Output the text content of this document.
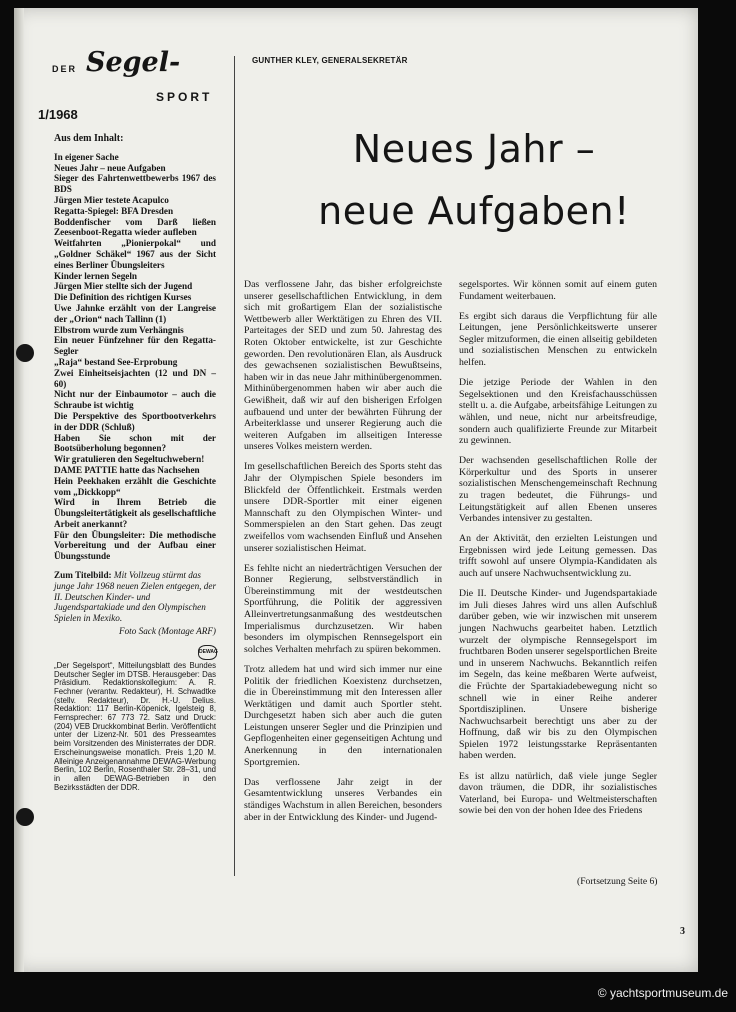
DER Segel-
SPORT
1/1968
Aus dem Inhalt:
In eigener Sache
Neues Jahr – neue Aufgaben
Sieger des Fahrtenwettbewerbs 1967 des BDS
Jürgen Mier testete Acapulco
Regatta-Spiegel: BFA Dresden
Boddenfischer vom Darß ließen Zeesenboot-Regatta wieder aufleben
Weitfahrten „Pionierpokal“ und „Goldner Schäkel“ 1967 aus der Sicht eines Berliner Übungsleiters
Kinder lernen Segeln
Jürgen Mier stellte sich der Jugend
Die Definition des richtigen Kurses
Uwe Jahnke erzählt von der Langreise der „Orion“ nach Tallinn (1)
Elbstrom wurde zum Verhängnis
Ein neuer Fünfzehner für den Regatta-Segler
„Raja“ bestand See-Erprobung
Zwei Einheitseisjachten (12 und DN – 60)
Nicht nur der Einbaumotor – auch die Schraube ist wichtig
Die Perspektive des Sportbootverkehrs in der DDR (Schluß)
Haben Sie schon mit der Bootsüberholung begonnen?
Wir gratulieren den Segeltuchwebern!
DAME PATTIE hatte das Nachsehen
Hein Peekhaken erzählt die Geschichte vom „Dickkopp“
Wird in Ihrem Betrieb die Übungsleitertätigkeit als gesellschaftliche Arbeit anerkannt?
Für den Übungsleiter: Die methodische Vorbereitung und der Aufbau einer Übungsstunde
Zum Titelbild: Mit Vollzeug stürmt das junge Jahr 1968 neuen Zielen entgegen, der II. Deutschen Kinder- und Jugendspartakiade und den Olympischen Spielen in Mexiko.
Foto Sack (Montage ARF)
DEWAG
„Der Segelsport“, Mitteilungsblatt des Bundes Deutscher Segler im DTSB. Herausgeber: Das Präsidium. Redaktionskollegium: A. R. Fechner (verantw. Redakteur), H. Schwadtke (stellv. Redakteur), Dr. H.-U. Delius. Redaktion: 117 Berlin-Köpenick, Igelsteig 8, Fernsprecher: 67 773 72. Satz und Druck: (204) VEB Druckkombinat Berlin. Veröffentlicht unter der Lizenz-Nr. 501 des Presseamtes beim Vorsitzenden des Ministerrates der DDR. Erscheinungsweise monatlich. Preis 1,20 M. Alleinige Anzeigenannahme DEWAG-Werbung Berlin, 102 Berlin, Rosenthaler Str. 28–31, und in allen DEWAG-Betrieben in den Bezirksstädten der DDR.
GUNTHER KLEY, GENERALSEKRETÄR
Neues Jahr –
neue Aufgaben!

Das verflossene Jahr, das bisher erfolgreichste unserer gesellschaftlichen Entwicklung, in dem sich mit großartigem Elan der sozialistische Wettbewerb aller Werktätigen zu Ehren des VII. Parteitages der SED und zum 50. Jahrestag des Roten Oktober entwickelte, ist zur Geschichte geworden. Den revolutionären Elan, als Ausdruck des gewachsenen sozialistischen Bewußtseins, haben wir in das neue Jahr mithinübergenommen. Mithinübergenommen haben wir aber auch die Gewißheit, daß wir auf den bisherigen Erfolgen aufbauend und unter der bewährten Führung der Arbeiterklasse und unserer Regierung auch die weiteren Aufgaben im allseitigen Interesse unseres Volkes meistern werden.

Im gesellschaftlichen Bereich des Sports steht das Jahr der Olympischen Spiele besonders im Blickfeld der Öffentlichkeit. Erstmals werden unsere DDR-Sportler mit einer eigenen Mannschaft zu den Olympischen Winter- und Sommerspielen an den Start gehen. Das zeugt zweifellos vom wachsenden Einfluß und Ansehen unserer sozialistischen Heimat.

Es fehlte nicht an niederträchtigen Versuchen der Bonner Regierung, selbstverständlich in Übereinstimmung mit der westdeutschen Sportführung, die Politik der aggressiven Alleinvertretungsanmaßung des westdeutschen Imperialismus durchzusetzen. Wir haben besonders im olympischen Rennsegelsport ein solches Verhalten mehrfach zu spüren bekommen.

Trotz alledem hat und wird sich immer nur eine Politik der friedlichen Koexistenz durchsetzen, die in Übereinstimmung mit den Interessen aller Werktätigen und damit auch Sportler steht. Durchgesetzt haben sich aber auch die guten Leistungen unserer Segler und die Prinzipien und Gepflogenheiten einer gegenseitigen Achtung und Anerkennung in den internationalen Sportgremien.

Das verflossene Jahr zeigt in der Gesamtentwicklung unseres Verbandes ein ständiges Wachstum in allen Bereichen, besonders aber in der Entwicklung des Kinder- und Jugend-

segelsportes. Wir können somit auf einem guten Fundament weiterbauen.

Es ergibt sich daraus die Verpflichtung für alle Leitungen, jene Persönlichkeitswerte unserer Segler mitzuformen, die einen allseitig gebildeten und sozialistischen Menschen zu entwickeln helfen.

Die jetzige Periode der Wahlen in den Segelsektionen und den Kreisfachausschüssen stellt u. a. die Aufgabe, arbeitsfähige Leitungen zu wählen, und neue, nicht nur arbeitsfreudige, sondern auch qualifizierte Freunde zur Mitarbeit zu gewinnen.

Der wachsenden gesellschaftlichen Rolle der Körperkultur und des Sports in unserer sozialistischen Menschengemeinschaft Rechnung zu tragen bedeutet, die Führungs- und Leitungstätigkeit auf allen Ebenen unseres Verbandes intensiver zu gestalten.

An der Aktivität, den erzielten Leistungen und Ergebnissen wird jede Leitung gemessen. Das trifft sowohl auf unsere Olympia-Kandidaten als auch auf unsere Nachwuchsentwicklung zu.

Die II. Deutsche Kinder- und Jugendspartakiade im Juli dieses Jahres wird uns allen Aufschluß darüber geben, wie wir inzwischen mit unserem jungen Nachwuchs gearbeitet haben. Letztlich wurzelt der olympische Rennsegelsport im fruchtbaren Boden unserer segelsportlichen Breite und in unserem Nachwuchs. Bekanntlich reifen im Segeln, das keine meßbaren Werte aufweist, die Früchte der Spartakiadebewegung nicht so schnell wie in einer Reihe anderer Sportdisziplinen. Unsere bisherige Nachwuchsarbeit berechtigt uns aber zu der Hoffnung, daß wir bis zu den Olympischen Spielen 1972 leistungsstarke Repräsentanten haben werden.

Es ist allzu natürlich, daß viele junge Segler davon träumen, die DDR, ihr sozialistisches Vaterland, bei Europa- und Weltmeisterschaften sowie bei den von der hohen Idee des Friedens

(Fortsetzung Seite 6)
3
© yachtsportmuseum.de
